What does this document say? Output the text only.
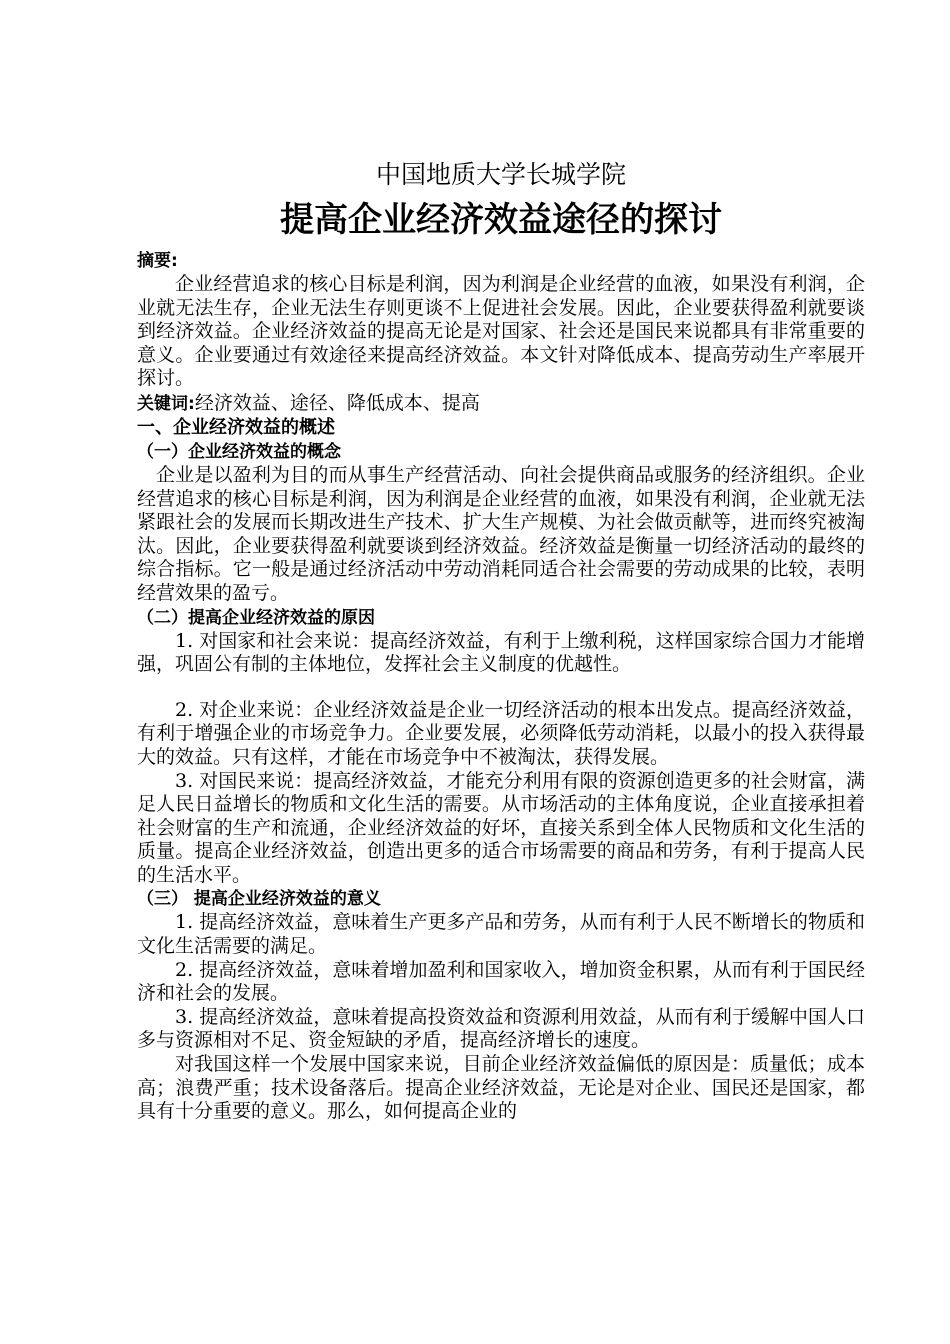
中国地质大学长城学院

提高企业经济效益途径的探讨

摘要:

企业经营追求的核心目标是利润，因为利润是企业经营的血液，如果没有利润，企业就无法生存，企业无法生存则更谈不上促进社会发展。因此，企业要获得盈利就要谈到经济效益。企业经济效益的提高无论是对国家、社会还是国民来说都具有非常重要的意义。企业要通过有效途径来提高经济效益。本文针对降低成本、提高劳动生产率展开探讨。

关键词:经济效益、途径、降低成本、提高

一、企业经济效益的概述

（一）企业经济效益的概念

企业是以盈利为目的而从事生产经营活动、向社会提供商品或服务的经济组织。企业经营追求的核心目标是利润，因为利润是企业经营的血液，如果没有利润，企业就无法紧跟社会的发展而长期改进生产技术、扩大生产规模、为社会做贡献等，进而终究被淘汰。因此，企业要获得盈利就要谈到经济效益。经济效益是衡量一切经济活动的最终的综合指标。它一般是通过经济活动中劳动消耗同适合社会需要的劳动成果的比较，表明经营效果的盈亏。

（二）提高企业经济效益的原因

1. 对国家和社会来说：提高经济效益，有利于上缴利税，这样国家综合国力才能增强，巩固公有制的主体地位，发挥社会主义制度的优越性。

2. 对企业来说：企业经济效益是企业一切经济活动的根本出发点。提高经济效益，有利于增强企业的市场竞争力。企业要发展，必须降低劳动消耗，以最小的投入获得最大的效益。只有这样，才能在市场竞争中不被淘汰，获得发展。

3. 对国民来说：提高经济效益，才能充分利用有限的资源创造更多的社会财富，满足人民日益增长的物质和文化生活的需要。从市场活动的主体角度说，企业直接承担着社会财富的生产和流通，企业经济效益的好坏，直接关系到全体人民物质和文化生活的质量。提高企业经济效益，创造出更多的适合市场需要的商品和劳务，有利于提高人民的生活水平。

（三） 提高企业经济效益的意义

1. 提高经济效益，意味着生产更多产品和劳务，从而有利于人民不断增长的物质和文化生活需要的满足。

2. 提高经济效益，意味着增加盈利和国家收入，增加资金积累，从而有利于国民经济和社会的发展。

3. 提高经济效益，意味着提高投资效益和资源利用效益，从而有利于缓解中国人口多与资源相对不足、资金短缺的矛盾，提高经济增长的速度。

对我国这样一个发展中国家来说，目前企业经济效益偏低的原因是：质量低；成本高；浪费严重；技术设备落后。提高企业经济效益，无论是对企业、国民还是国家，都具有十分重要的意义。那么，如何提高企业的
